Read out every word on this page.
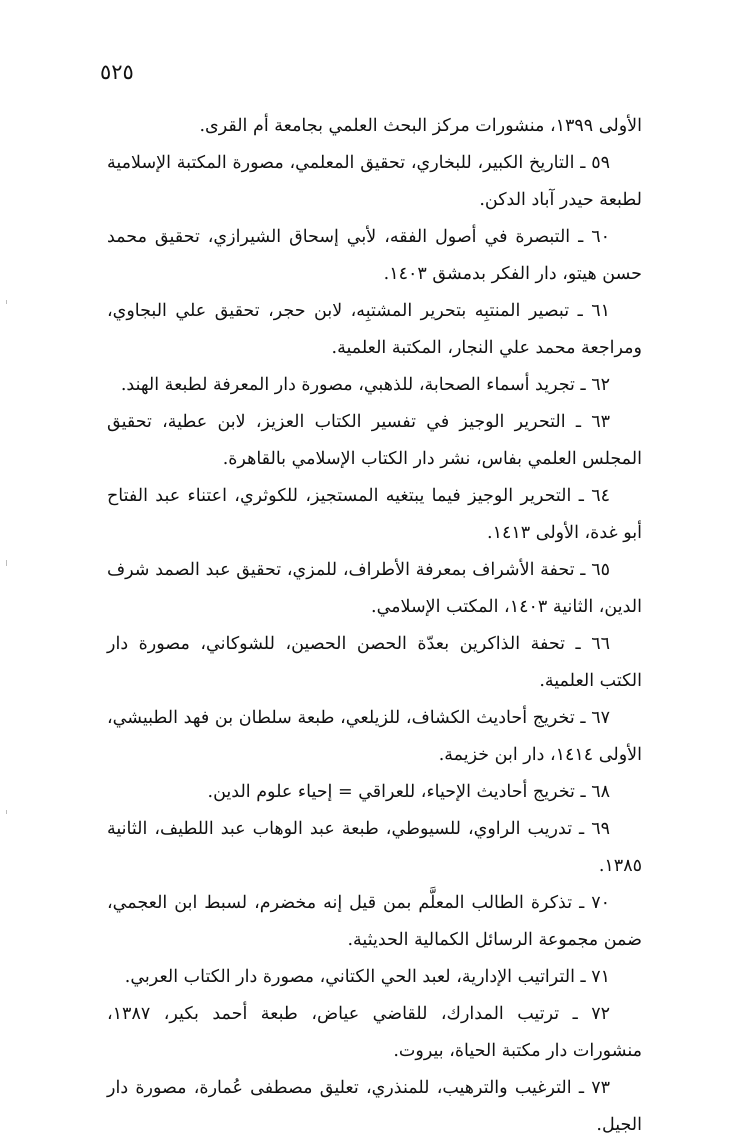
٥٢٥

الأولى ١٣٩٩، منشورات مركز البحث العلمي بجامعة أم القرى.

٥٩ ـ التاريخ الكبير، للبخاري، تحقيق المعلمي، مصورة المكتبة الإسلامية لطبعة حيدر آباد الدكن.

٦٠ ـ التبصرة في أصول الفقه، لأبي إسحاق الشيرازي، تحقيق محمد حسن هيتو، دار الفكر بدمشق ١٤٠٣.

٦١ ـ تبصير المنتبِه بتحرير المشتبِه، لابن حجر، تحقيق علي البجاوي، ومراجعة محمد علي النجار، المكتبة العلمية.

٦٢ ـ تجريد أسماء الصحابة، للذهبي، مصورة دار المعرفة لطبعة الهند.

٦٣ ـ التحرير الوجيز في تفسير الكتاب العزيز، لابن عطية، تحقيق المجلس العلمي بفاس، نشر دار الكتاب الإسلامي بالقاهرة.

٦٤ ـ التحرير الوجيز فيما يبتغيه المستجيز، للكوثري، اعتناء عبد الفتاح أبو غدة، الأولى ١٤١٣.

٦٥ ـ تحفة الأشراف بمعرفة الأطراف، للمزي، تحقيق عبد الصمد شرف الدين، الثانية ١٤٠٣، المكتب الإسلامي.

٦٦ ـ تحفة الذاكرين بعدّة الحصن الحصين، للشوكاني، مصورة دار الكتب العلمية.

٦٧ ـ تخريج أحاديث الكشاف، للزيلعي، طبعة سلطان بن فهد الطبيشي، الأولى ١٤١٤، دار ابن خزيمة.

٦٨ ـ تخريج أحاديث الإحياء، للعراقي = إحياء علوم الدين.

٦٩ ـ تدريب الراوي، للسيوطي، طبعة عبد الوهاب عبد اللطيف، الثانية ١٣٨٥.

٧٠ ـ تذكرة الطالب المعلَّم بمن قيل إنه مخضرم، لسبط ابن العجمي، ضمن مجموعة الرسائل الكمالية الحديثية.

٧١ ـ التراتيب الإدارية، لعبد الحي الكتاني، مصورة دار الكتاب العربي.

٧٢ ـ ترتيب المدارك، للقاضي عياض، طبعة أحمد بكير، ١٣٨٧، منشورات دار مكتبة الحياة، بيروت.

٧٣ ـ الترغيب والترهيب، للمنذري، تعليق مصطفى عُمارة، مصورة دار الجيل.
